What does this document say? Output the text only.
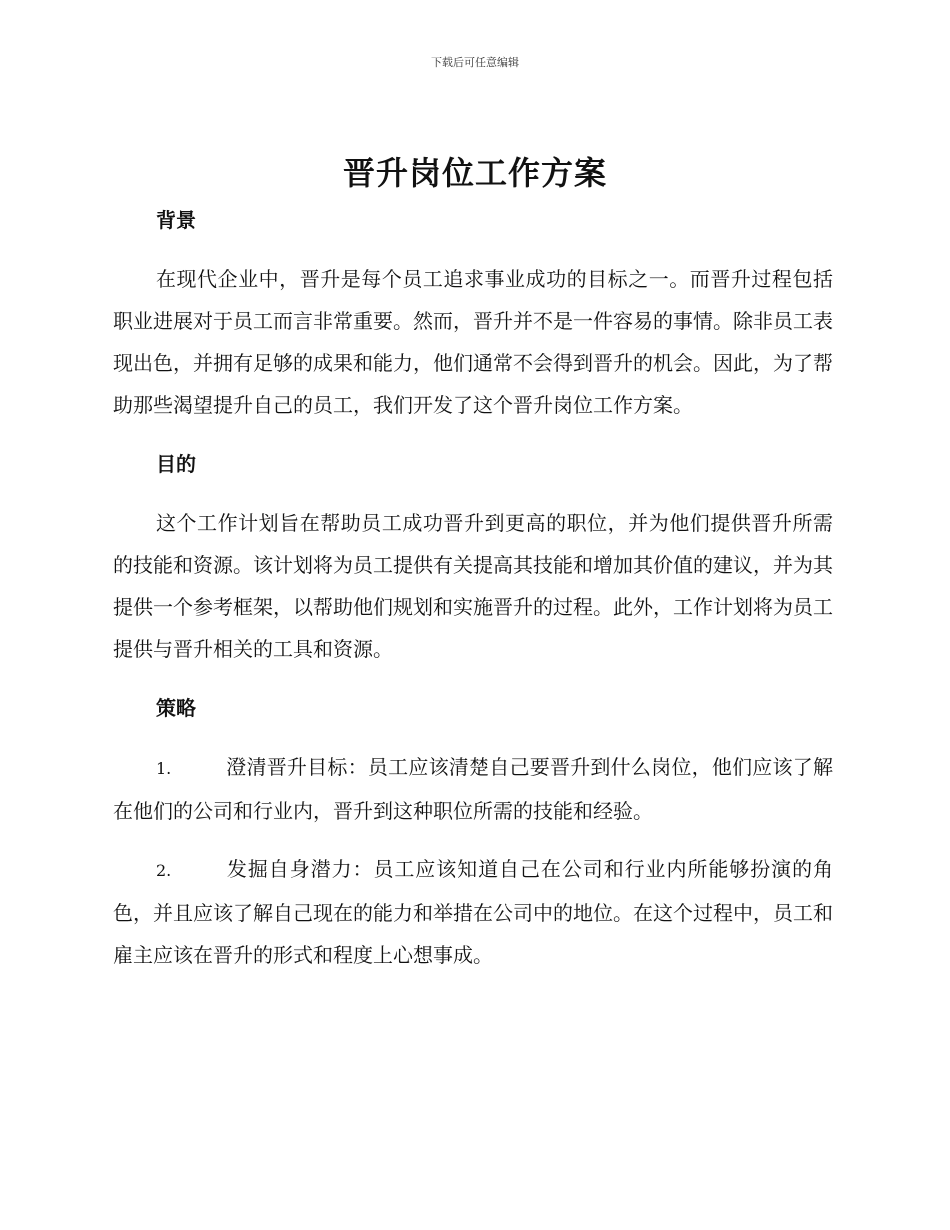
下载后可任意编辑
晋升岗位工作方案
背景

在现代企业中，晋升是每个员工追求事业成功的目标之一。而晋升过程包括职业进展对于员工而言非常重要。然而，晋升并不是一件容易的事情。除非员工表现出色，并拥有足够的成果和能力，他们通常不会得到晋升的机会。因此，为了帮助那些渴望提升自己的员工，我们开发了这个晋升岗位工作方案。

目的

这个工作计划旨在帮助员工成功晋升到更高的职位，并为他们提供晋升所需的技能和资源。该计划将为员工提供有关提高其技能和增加其价值的建议，并为其提供一个参考框架，以帮助他们规划和实施晋升的过程。此外，工作计划将为员工提供与晋升相关的工具和资源。

策略

1.	澄清晋升目标：员工应该清楚自己要晋升到什么岗位，他们应该了解在他们的公司和行业内，晋升到这种职位所需的技能和经验。

2.	发掘自身潜力：员工应该知道自己在公司和行业内所能够扮演的角色，并且应该了解自己现在的能力和举措在公司中的地位。在这个过程中，员工和雇主应该在晋升的形式和程度上心想事成。
